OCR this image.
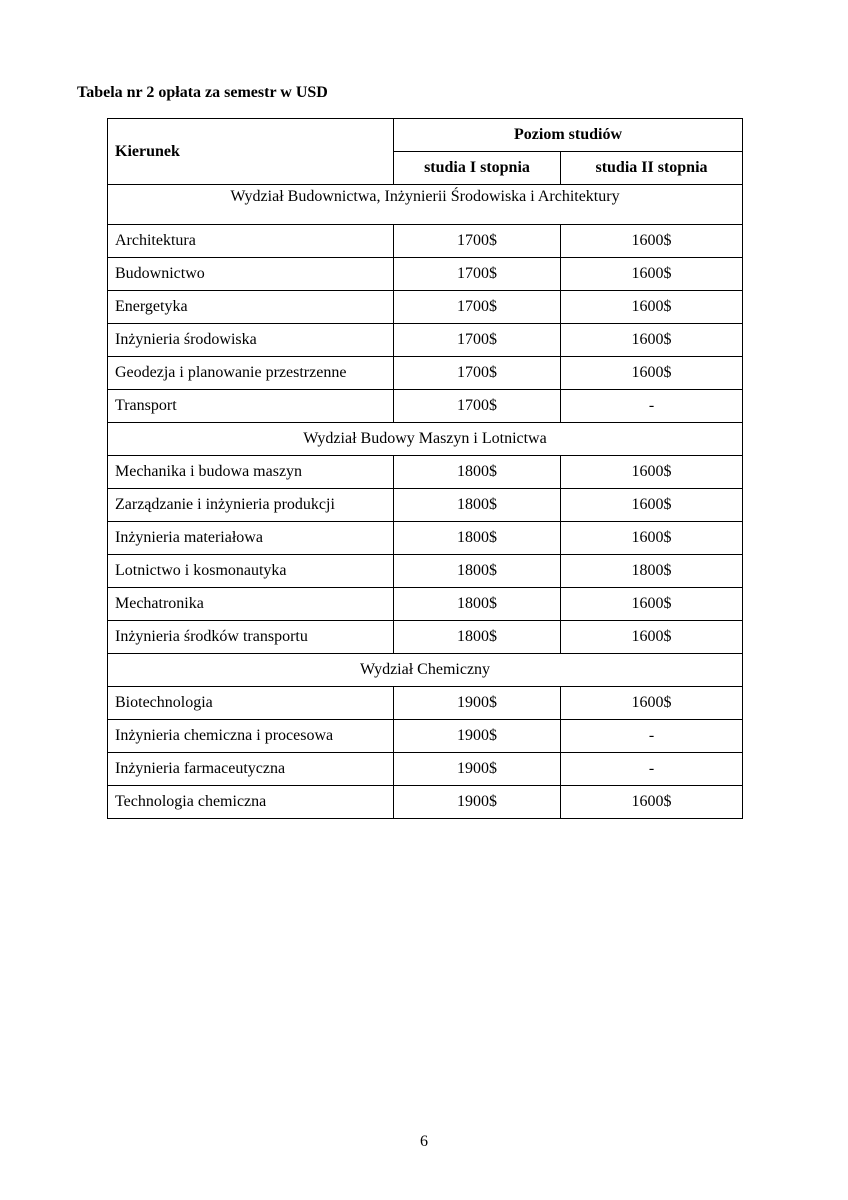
Tabela nr 2 opłata za semestr w USD

Kierunek	Poziom studiów	
	studia I stopnia	studia II stopnia
Wydział Budownictwa, Inżynierii Środowiska i Architektury		
Architektura	1700$	1600$
Budownictwo	1700$	1600$
Energetyka	1700$	1600$
Inżynieria środowiska	1700$	1600$
Geodezja i planowanie przestrzenne	1700$	1600$
Transport	1700$	-
Wydział Budowy Maszyn i Lotnictwa		
Mechanika i budowa maszyn	1800$	1600$
Zarządzanie i inżynieria produkcji	1800$	1600$
Inżynieria materiałowa	1800$	1600$
Lotnictwo i kosmonautyka	1800$	1800$
Mechatronika	1800$	1600$
Inżynieria środków transportu	1800$	1600$
Wydział Chemiczny		
Biotechnologia	1900$	1600$
Inżynieria chemiczna i procesowa	1900$	-
Inżynieria farmaceutyczna	1900$	-
Technologia chemiczna	1900$	1600$

6
